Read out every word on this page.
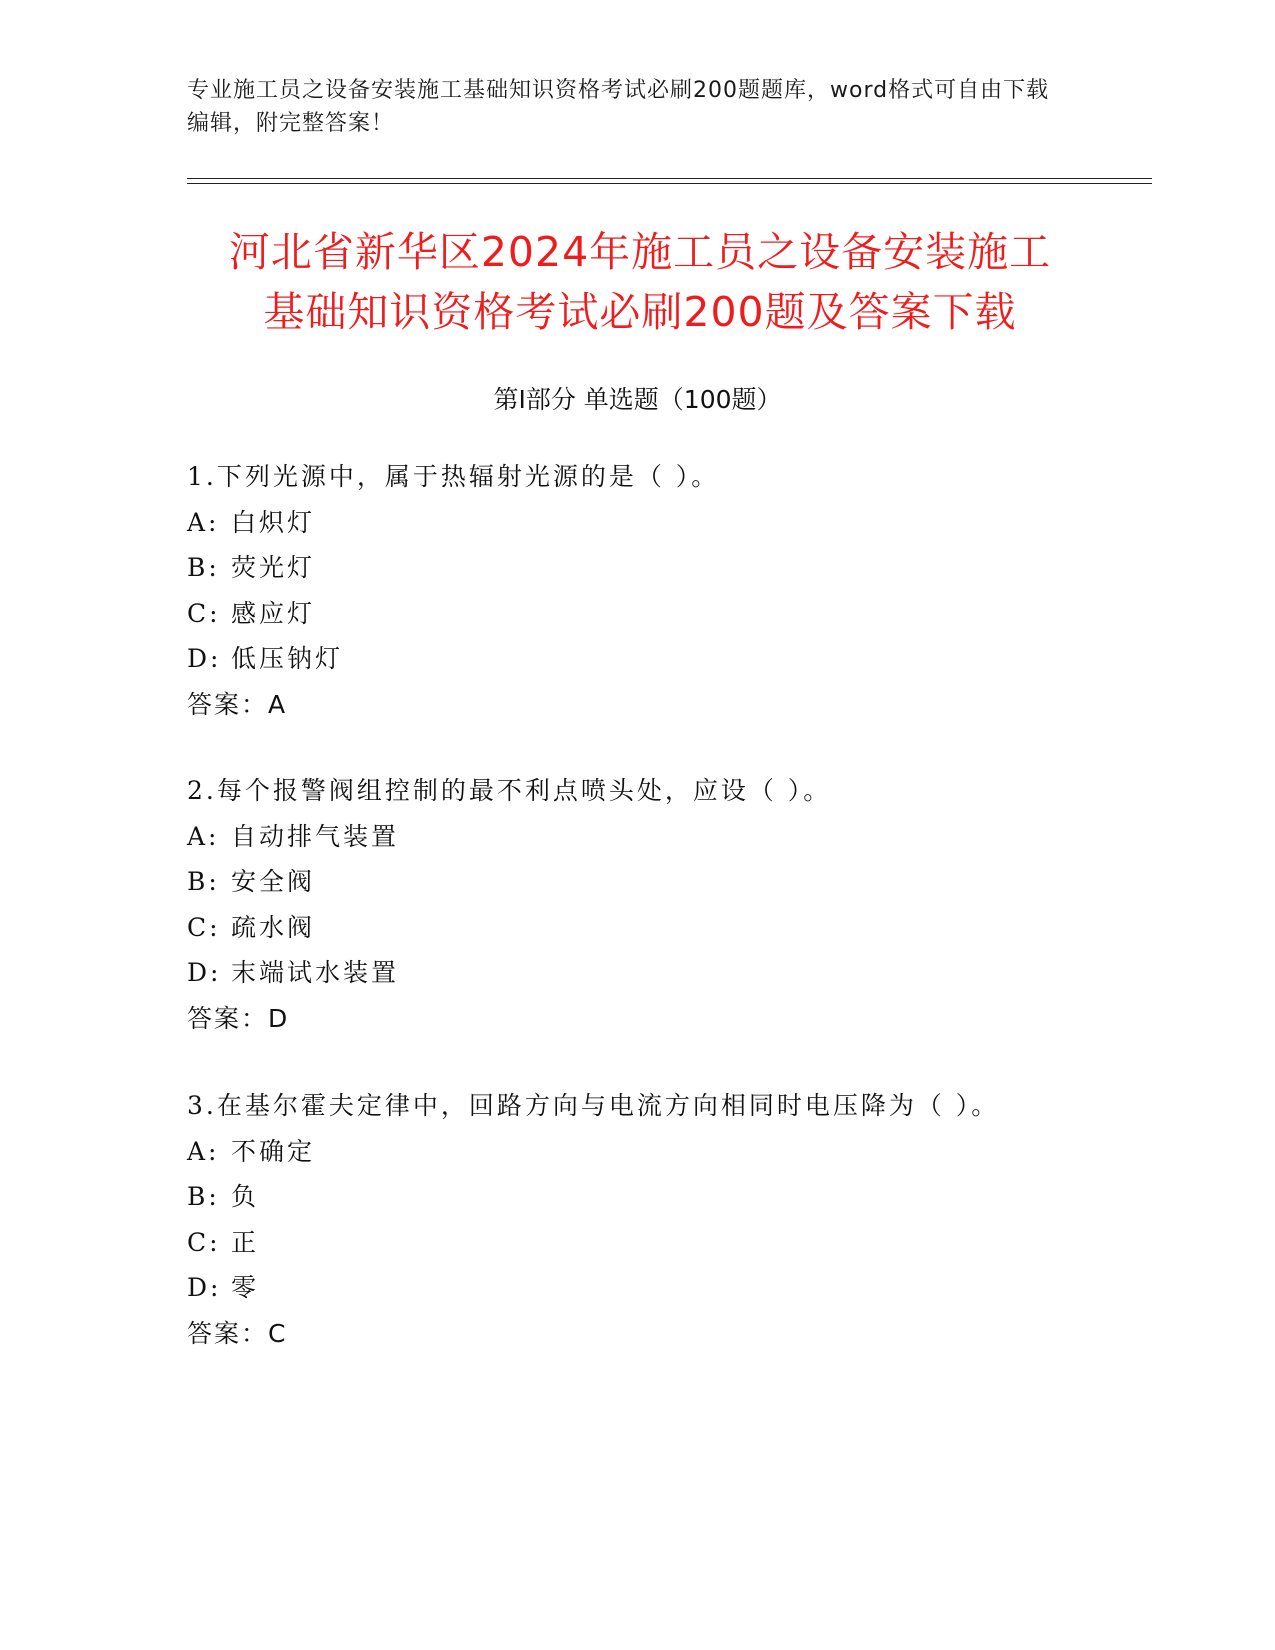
专业施工员之设备安装施工基础知识资格考试必刷200题题库，word格式可自由下载编辑，附完整答案！
河北省新华区2024年施工员之设备安装施工
基础知识资格考试必刷200题及答案下载
第Ⅰ部分 单选题（100题）
1.下列光源中，属于热辐射光源的是（ ）。
A: 白炽灯
B: 荧光灯
C: 感应灯
D: 低压钠灯
答案：A
2.每个报警阀组控制的最不利点喷头处，应设（ ）。
A: 自动排气装置
B: 安全阀
C: 疏水阀
D: 末端试水装置
答案：D
3.在基尔霍夫定律中，回路方向与电流方向相同时电压降为（ ）。
A: 不确定
B: 负
C: 正
D: 零
答案：C
